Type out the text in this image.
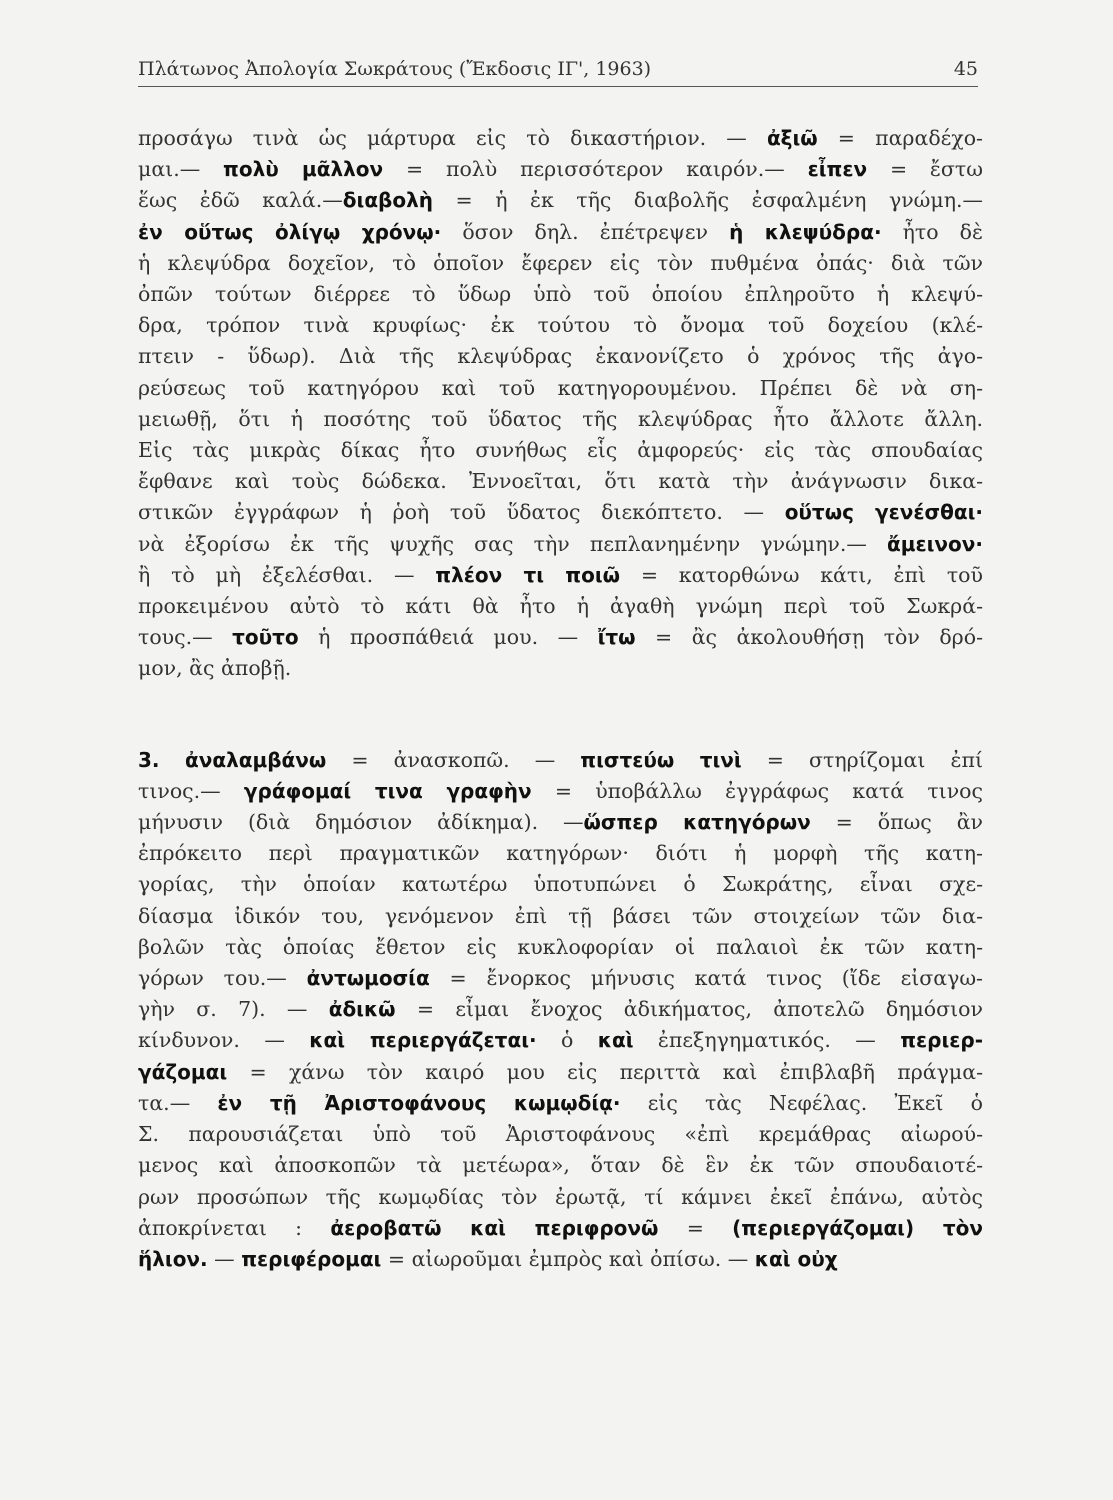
Πλάτωνος Ἀπολογία Σωκράτους (Ἔκδοσις ΙΓ', 1963)	45
προσάγω τινὰ ὡς μάρτυρα εἰς τὸ δικαστήριον. — ἀξιῶ = παραδέχο-
μαι.— πολὺ μᾶλλον = πολὺ περισσότερον καιρόν.— εἶπεν = ἔστω
ἕως ἐδῶ καλά.—διαβολὴ = ἡ ἐκ τῆς διαβολῆς ἐσφαλμένη γνώμη.—
ἐν οὕτως ὀλίγῳ χρόνῳ· ὅσον δηλ. ἐπέτρεψεν ἡ κλεψύδρα· ἦτο δὲ
ἡ κλεψύδρα δοχεῖον, τὸ ὁποῖον ἔφερεν εἰς τὸν πυθμένα ὀπάς· διὰ τῶν
ὀπῶν τούτων διέρρεε τὸ ὕδωρ ὑπὸ τοῦ ὁποίου ἐπληροῦτο ἡ κλεψύ-
δρα, τρόπον τινὰ κρυφίως· ἐκ τούτου τὸ ὄνομα τοῦ δοχείου (κλέ-
πτειν - ὕδωρ). Διὰ τῆς κλεψύδρας ἐκανονίζετο ὁ χρόνος τῆς ἀγο-
ρεύσεως τοῦ κατηγόρου καὶ τοῦ κατηγορουμένου. Πρέπει δὲ νὰ ση-
μειωθῇ, ὅτι ἡ ποσότης τοῦ ὕδατος τῆς κλεψύδρας ἦτο ἄλλοτε ἄλλη.
Εἰς τὰς μικρὰς δίκας ἦτο συνήθως εἷς ἀμφορεύς· εἰς τὰς σπουδαίας
ἔφθανε καὶ τοὺς δώδεκα. Ἐννοεῖται, ὅτι κατὰ τὴν ἀνάγνωσιν δικα-
στικῶν ἐγγράφων ἡ ῥοὴ τοῦ ὕδατος διεκόπτετο. — οὕτως γενέσθαι·
νὰ ἐξορίσω ἐκ τῆς ψυχῆς σας τὴν πεπλανημένην γνώμην.— ἄμεινον·
ἢ τὸ μὴ ἐξελέσθαι. — πλέον τι ποιῶ = κατορθώνω κάτι, ἐπὶ τοῦ
προκειμένου αὐτὸ τὸ κάτι θὰ ἦτο ἡ ἀγαθὴ γνώμη περὶ τοῦ Σωκρά-
τους.— τοῦτο ἡ προσπάθειά μου. — ἴτω = ἂς ἀκολουθήσῃ τὸν δρό-
μον, ἂς ἀποβῇ.
3. ἀναλαμβάνω = ἀνασκοπῶ. — πιστεύω τινὶ = στηρίζομαι ἐπί
τινος.— γράφομαί τινα γραφὴν = ὑποβάλλω ἐγγράφως κατά τινος
μήνυσιν (διὰ δημόσιον ἀδίκημα). —ὥσπερ κατηγόρων = ὅπως ἂν
ἐπρόκειτο περὶ πραγματικῶν κατηγόρων· διότι ἡ μορφὴ τῆς κατη-
γορίας, τὴν ὁποίαν κατωτέρω ὑποτυπώνει ὁ Σωκράτης, εἶναι σχε-
δίασμα ἰδικόν του, γενόμενον ἐπὶ τῇ βάσει τῶν στοιχείων τῶν δια-
βολῶν τὰς ὁποίας ἔθετον εἰς κυκλοφορίαν οἱ παλαιοὶ ἐκ τῶν κατη-
γόρων του.— ἀντωμοσία = ἔνορκος μήνυσις κατά τινος (ἴδε εἰσαγω-
γὴν σ. 7). — ἀδικῶ = εἶμαι ἔνοχος ἀδικήματος, ἀποτελῶ δημόσιον
κίνδυνον. — καὶ περιεργάζεται· ὁ καὶ ἐπεξηγηματικός. — περιερ-
γάζομαι = χάνω τὸν καιρό μου εἰς περιττὰ καὶ ἐπιβλαβῆ πράγμα-
τα.— ἐν τῇ Ἀριστοφάνους κωμῳδίᾳ· εἰς τὰς Νεφέλας. Ἐκεῖ ὁ
Σ. παρουσιάζεται ὑπὸ τοῦ Ἀριστοφάνους «ἐπὶ κρεμάθρας αἰωρού-
μενος καὶ ἀποσκοπῶν τὰ μετέωρα», ὅταν δὲ ἓν ἐκ τῶν σπουδαιοτέ-
ρων προσώπων τῆς κωμῳδίας τὸν ἐρωτᾷ, τί κάμνει ἐκεῖ ἐπάνω, αὐτὸς
ἀποκρίνεται : ἀεροβατῶ καὶ περιφρονῶ = (περιεργάζομαι) τὸν
ἥλιον. — περιφέρομαι = αἰωροῦμαι ἐμπρὸς καὶ ὀπίσω. — καὶ οὐχ
